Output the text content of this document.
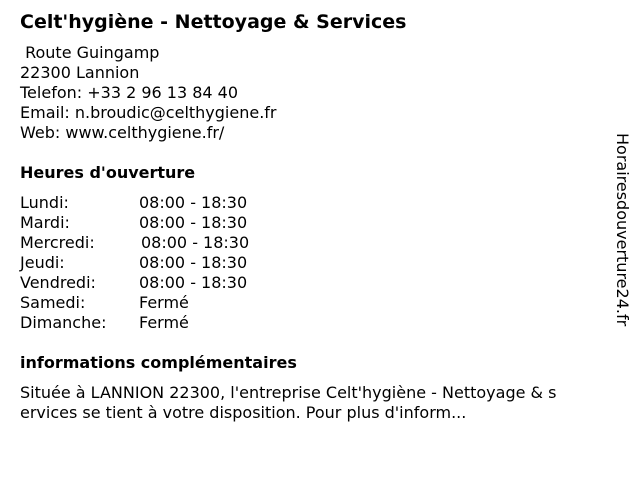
Celt'hygiène - Nettoyage & Services
Route Guingamp
22300 Lannion
Telefon: +33 2 96 13 84 40
Email: n.broudic@celthygiene.fr
Web: www.celthygiene.fr/
Heures d'ouverture
Lundi:	08:00 - 18:30
Mardi:	08:00 - 18:30
Mercredi:	08:00 - 18:30
Jeudi:	08:00 - 18:30
Vendredi:	08:00 - 18:30
Samedi:	Fermé
Dimanche:	Fermé
informations complémentaires
Située à LANNION 22300, l'entreprise Celt'hygiène - Nettoyage & services se tient à votre disposition. Pour plus d'inform...
Horairesdouverture24.fr
